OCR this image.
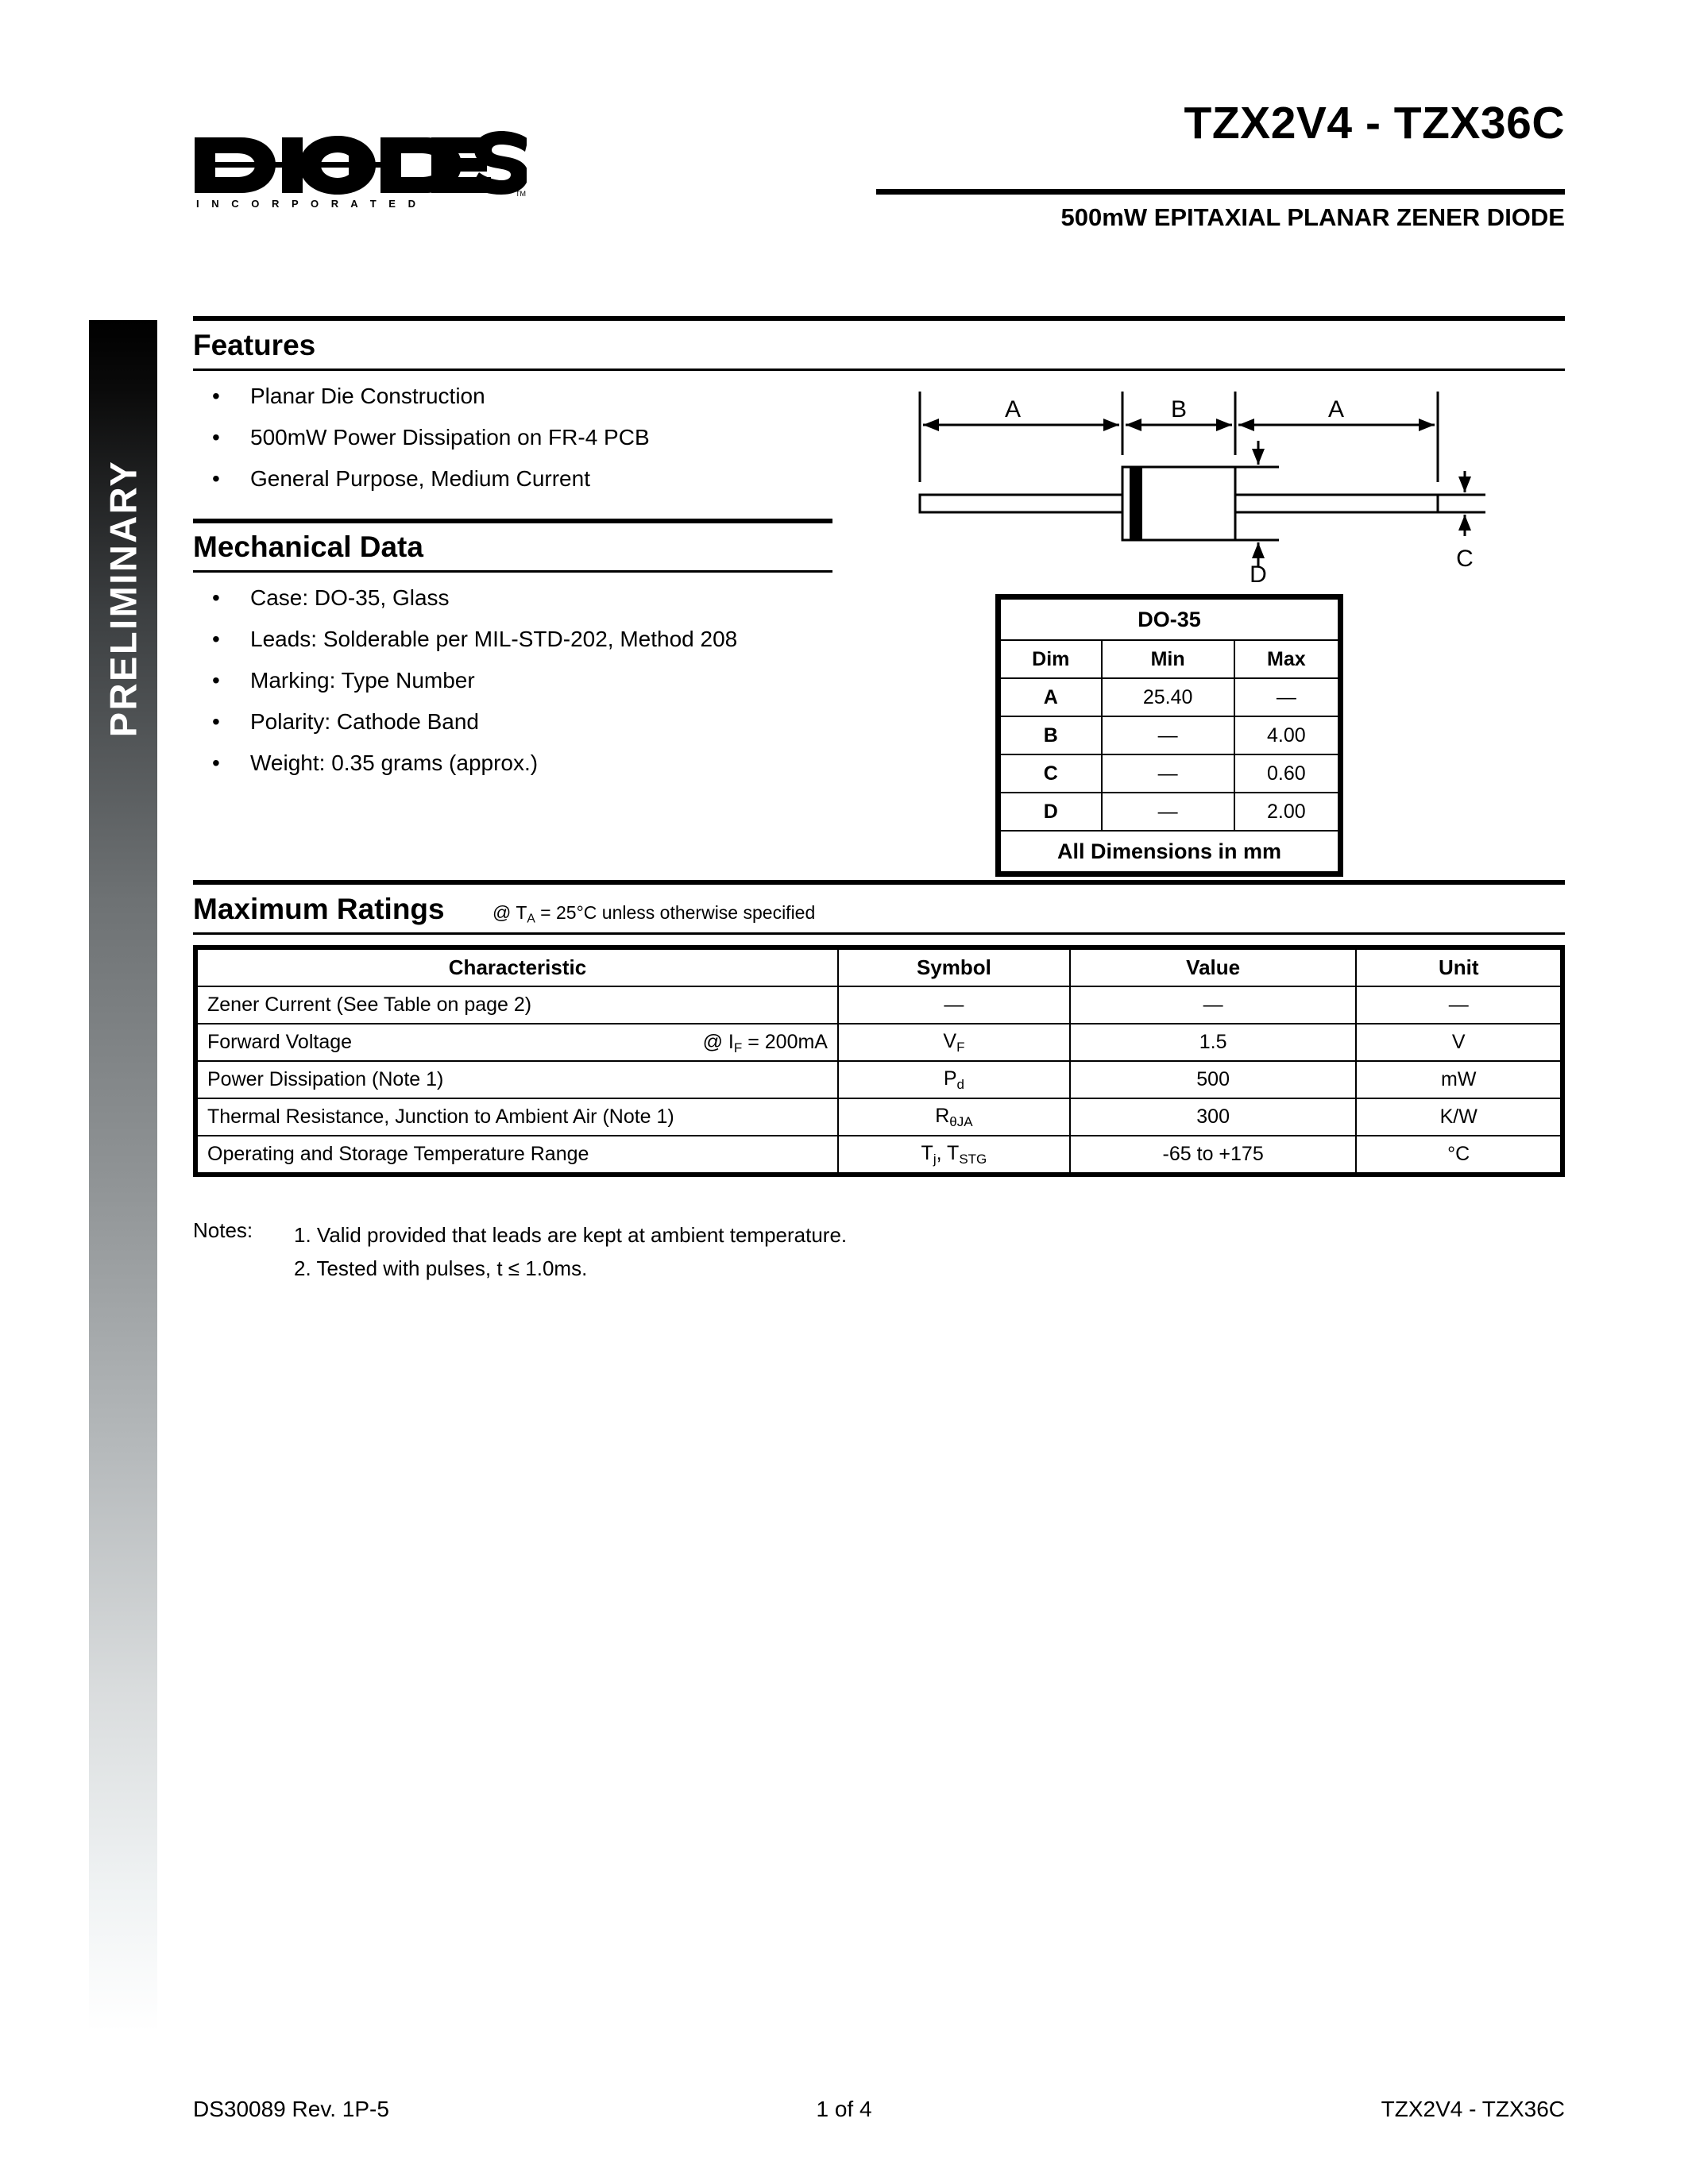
PRELIMINARY
I N C O R P O R A T E D
TM
TZX2V4 - TZX36C
500mW EPITAXIAL PLANAR ZENER DIODE
Features
• Planar Die Construction
• 500mW Power Dissipation on FR-4 PCB
• General Purpose, Medium Current
Mechanical Data
• Case: DO-35, Glass
• Leads: Solderable per MIL-STD-202, Method 208
• Marking: Type Number
• Polarity: Cathode Band
• Weight: 0.35 grams (approx.)
A	B	A
D
C
DO-35		
Dim	Min	Max
A	25.40	—
B	—	4.00
C	—	0.60
D	—	2.00
All Dimensions in mm		
Maximum Ratings	@ $T_A = 25^\circ C$ unless otherwise specified
Characteristic	Symbol	Value	Unit
Zener Current (See Table on page 2)	—	—	—
Forward Voltage @ $I_F = 200mA$	$V_F$	1.5	V
Power Dissipation (Note 1)	$P_d$	500	mW
Thermal Resistance, Junction to Ambient Air (Note 1)	$R_{\theta JA}$	300	K/W
Operating and Storage Temperature Range	$T_j$, $T_{STG}$	-65 to +175	°C
Notes: 1. Valid provided that leads are kept at ambient temperature.
2. Tested with pulses, t ≤ 1.0ms.
DS30089 Rev. 1P-5	1 of 4	TZX2V4 - TZX36C
